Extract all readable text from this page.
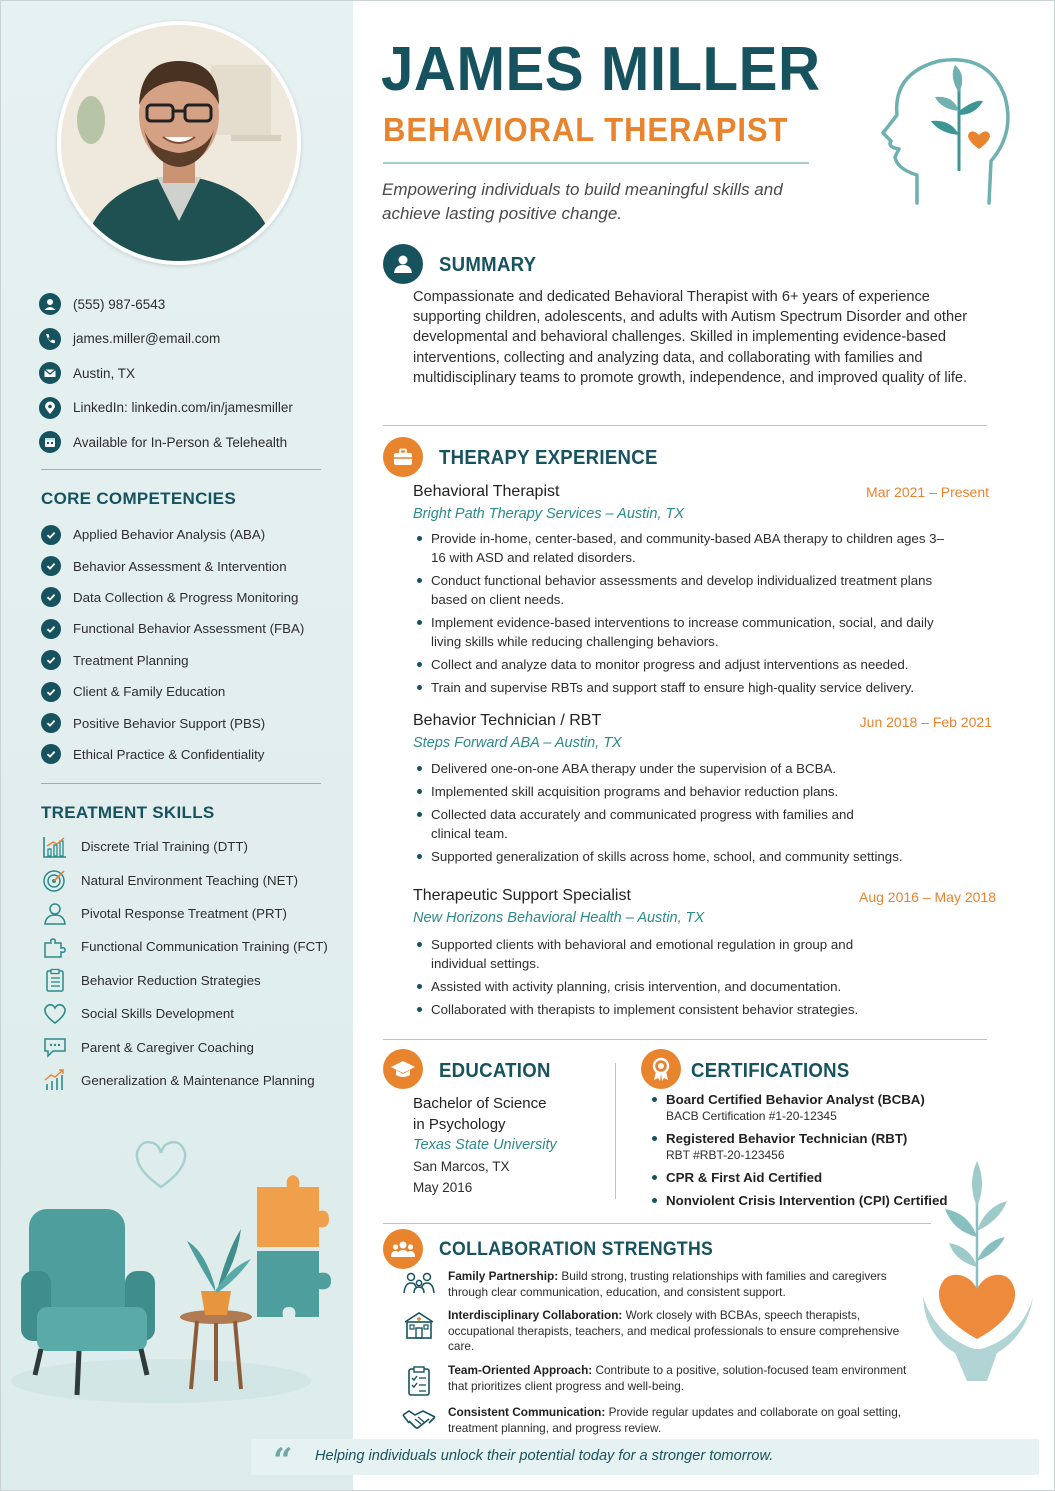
(555) 987-6543
james.miller@email.com
Austin, TX
LinkedIn: linkedin.com/in/jamesmiller
Available for In-Person & Telehealth
CORE COMPETENCIES
Applied Behavior Analysis (ABA)
Behavior Assessment & Intervention
Data Collection & Progress Monitoring
Functional Behavior Assessment (FBA)
Treatment Planning
Client & Family Education
Positive Behavior Support (PBS)
Ethical Practice & Confidentiality
TREATMENT SKILLS
Discrete Trial Training (DTT)
Natural Environment Teaching (NET)
Pivotal Response Treatment (PRT)
Functional Communication Training (FCT)
Behavior Reduction Strategies
Social Skills Development
Parent & Caregiver Coaching
Generalization & Maintenance Planning
JAMES MILLER
BEHAVIORAL THERAPIST
Empowering individuals to build meaningful skills and achieve lasting positive change.
SUMMARY
Compassionate and dedicated Behavioral Therapist with 6+ years of experience supporting children, adolescents, and adults with Autism Spectrum Disorder and other developmental and behavioral challenges. Skilled in implementing evidence-based interventions, collecting and analyzing data, and collaborating with families and multidisciplinary teams to promote growth, independence, and improved quality of life.
THERAPY EXPERIENCE
Behavioral Therapist	Mar 2021 – Present
Bright Path Therapy Services – Austin, TX
Provide in-home, center-based, and community-based ABA therapy to children ages 3–16 with ASD and related disorders.
Conduct functional behavior assessments and develop individualized treatment plans based on client needs.
Implement evidence-based interventions to increase communication, social, and daily living skills while reducing challenging behaviors.
Collect and analyze data to monitor progress and adjust interventions as needed.
Train and supervise RBTs and support staff to ensure high-quality service delivery.
Behavior Technician / RBT	Jun 2018 – Feb 2021
Steps Forward ABA – Austin, TX
Delivered one-on-one ABA therapy under the supervision of a BCBA.
Implemented skill acquisition programs and behavior reduction plans.
Collected data accurately and communicated progress with families and clinical team.
Supported generalization of skills across home, school, and community settings.
Therapeutic Support Specialist	Aug 2016 – May 2018
New Horizons Behavioral Health – Austin, TX
Supported clients with behavioral and emotional regulation in group and individual settings.
Assisted with activity planning, crisis intervention, and documentation.
Collaborated with therapists to implement consistent behavior strategies.
EDUCATION
Bachelor of Science
in Psychology
Texas State University
San Marcos, TX
May 2016
CERTIFICATIONS
Board Certified Behavior Analyst (BCBA)
BACB Certification #1-20-12345
Registered Behavior Technician (RBT)
RBT #RBT-20-123456
CPR & First Aid Certified
Nonviolent Crisis Intervention (CPI) Certified
COLLABORATION STRENGTHS
Family Partnership: Build strong, trusting relationships with families and caregivers through clear communication, education, and consistent support.
Interdisciplinary Collaboration: Work closely with BCBAs, speech therapists, occupational therapists, teachers, and medical professionals to ensure comprehensive care.
Team-Oriented Approach: Contribute to a positive, solution-focused team environment that prioritizes client progress and well-being.
Consistent Communication: Provide regular updates and collaborate on goal setting, treatment planning, and progress review.
“ Helping individuals unlock their potential today for a stronger tomorrow.
